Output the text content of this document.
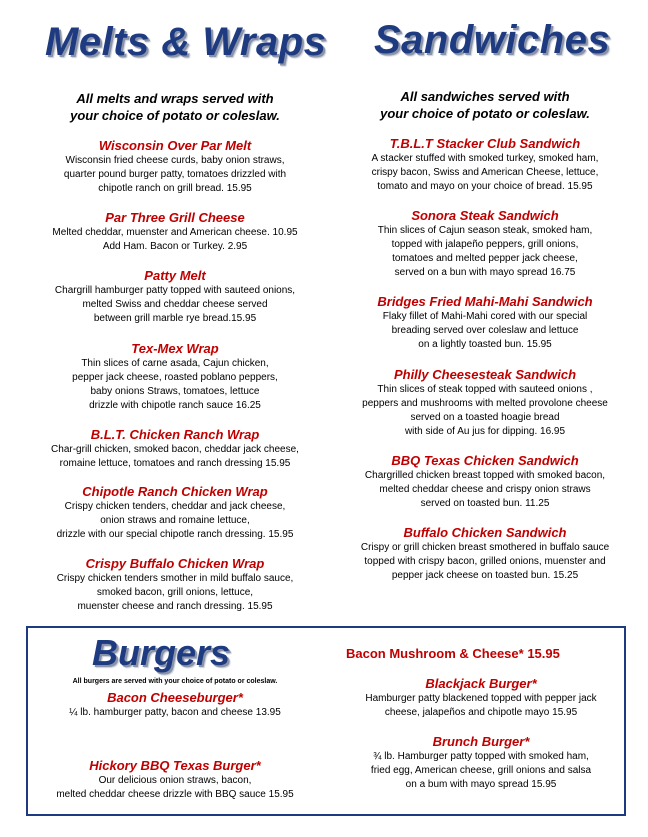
Melts & Wraps Sandwiches
All melts and wraps served with
your choice of potato or coleslaw.
Wisconsin Over Par Melt
Wisconsin fried cheese curds, baby onion straws,
quarter pound burger patty, tomatoes drizzled with
chipotle ranch on grill bread. 15.95
Par Three Grill Cheese
Melted cheddar, muenster and American cheese. 10.95
Add Ham. Bacon or Turkey. 2.95
Patty Melt
Chargrill hamburger patty topped with sauteed onions,
melted Swiss and cheddar cheese served
between grill marble rye bread.15.95
Tex-Mex Wrap
Thin slices of carne asada, Cajun chicken,
pepper jack cheese, roasted poblano peppers,
baby onions Straws, tomatoes, lettuce
drizzle with chipotle ranch sauce 16.25
B.L.T. Chicken Ranch Wrap
Char-grill chicken, smoked bacon, cheddar jack cheese,
romaine lettuce, tomatoes and ranch dressing 15.95
Chipotle Ranch Chicken Wrap
Crispy chicken tenders, cheddar and jack cheese,
onion straws and romaine lettuce,
drizzle with our special chipotle ranch dressing. 15.95
Crispy Buffalo Chicken Wrap
Crispy chicken tenders smother in mild buffalo sauce,
smoked bacon, grill onions, lettuce,
muenster cheese and ranch dressing. 15.95
All sandwiches served with
your choice of potato or coleslaw.
T.B.L.T Stacker Club Sandwich
A stacker stuffed with smoked turkey, smoked ham,
crispy bacon, Swiss and American Cheese, lettuce,
tomato and mayo on your choice of bread. 15.95
Sonora Steak Sandwich
Thin slices of Cajun season steak, smoked ham,
topped with jalapeño peppers, grill onions,
tomatoes and melted pepper jack cheese,
served on a bun with mayo spread 16.75
Bridges Fried Mahi-Mahi Sandwich
Flaky fillet of Mahi-Mahi cored with our special
breading served over coleslaw and lettuce
on a lightly toasted bun. 15.95
Philly Cheesesteak Sandwich
Thin slices of steak topped with sauteed onions ,
peppers and mushrooms with melted provolone cheese
served on a toasted hoagie bread
with side of Au jus for dipping. 16.95
BBQ Texas Chicken Sandwich
Chargrilled chicken breast topped with smoked bacon,
melted cheddar cheese and crispy onion straws
served on toasted bun. 11.25
Buffalo Chicken Sandwich
Crispy or grill chicken breast smothered in buffalo sauce
topped with crispy bacon, grilled onions, muenster and
pepper jack cheese on toasted bun. 15.25
Burgers
All burgers are served with your choice of potato or coleslaw.
Bacon Mushroom & Cheese* 15.95
Bacon Cheeseburger*
¼ lb. hamburger patty, bacon and cheese 13.95
Hickory BBQ Texas Burger*
Our delicious onion straws, bacon,
melted cheddar cheese drizzle with BBQ sauce 15.95
Blackjack Burger*
Hamburger patty blackened topped with pepper jack
cheese, jalapeños and chipotle mayo 15.95
Brunch Burger*
¾ lb. Hamburger patty topped with smoked ham,
fried egg, American cheese, grill onions and salsa
on a bum with mayo spread 15.95
